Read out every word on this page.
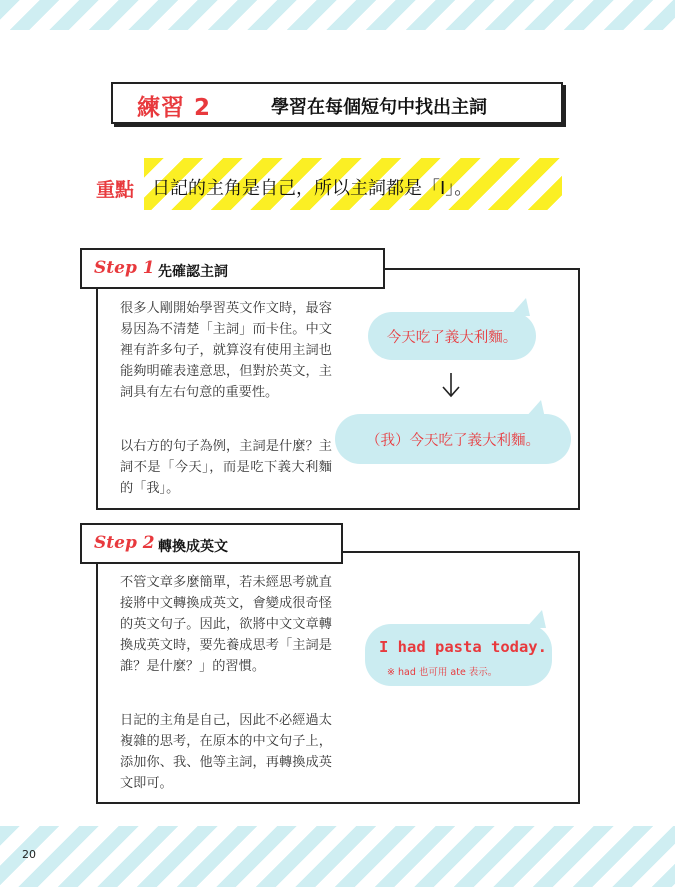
練習 2	學習在每個短句中找出主詞
重點 日記的主角是自己，所以主詞都是「I」。
Step 1 先確認主詞

很多人剛開始學習英文作文時，最容易因為不清楚「主詞」而卡住。中文裡有許多句子，就算沒有使用主詞也能夠明確表達意思，但對於英文，主詞具有左右句意的重要性。

以右方的句子為例，主詞是什麼？主詞不是「今天」，而是吃下義大利麵的「我」。

今天吃了義大利麵。
（我）今天吃了義大利麵。
Step 2 轉換成英文

不管文章多麼簡單，若未經思考就直接將中文轉換成英文，會變成很奇怪的英文句子。因此，欲將中文文章轉換成英文時，要先養成思考「主詞是誰？是什麼？」的習慣。

日記的主角是自己，因此不必經過太複雜的思考，在原本的中文句子上，添加你、我、他等主詞，再轉換成英文即可。

I had pasta today.
※ had 也可用 ate 表示。
20
